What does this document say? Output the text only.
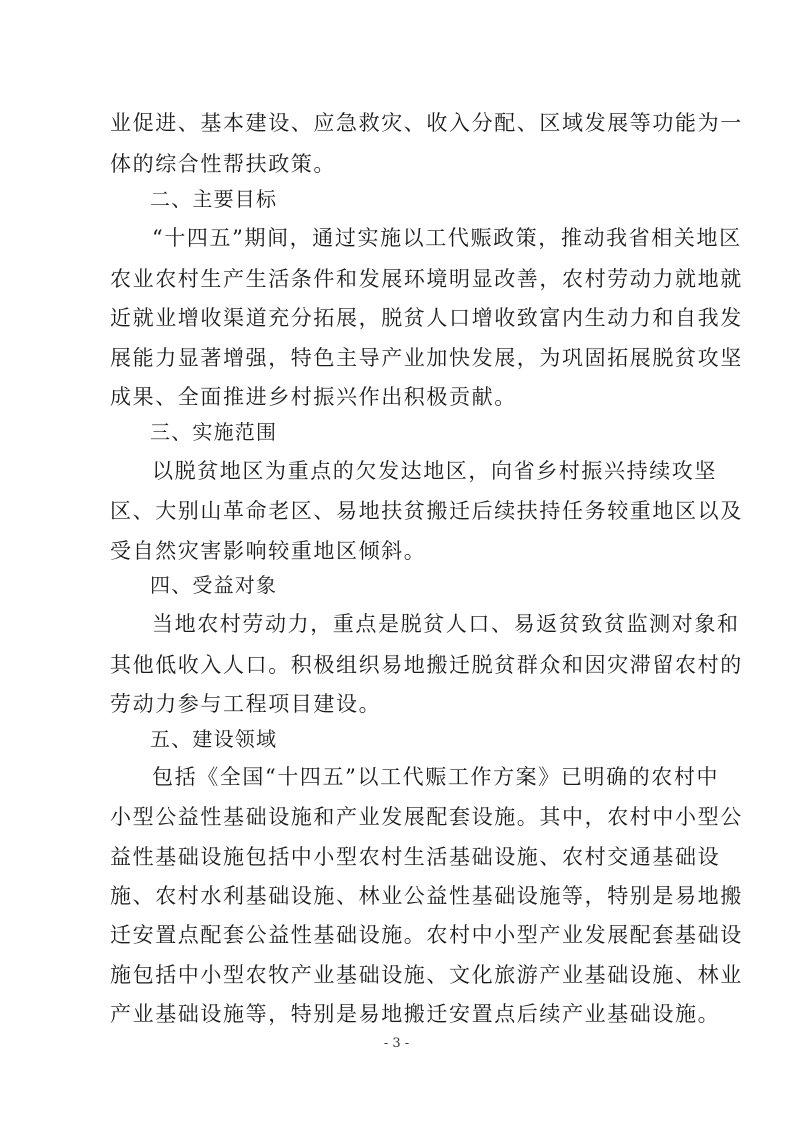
业促进、基本建设、应急救灾、收入分配、区域发展等功能为一
体的综合性帮扶政策。
二、主要目标
“十四五”期间，通过实施以工代赈政策，推动我省相关地区
农业农村生产生活条件和发展环境明显改善，农村劳动力就地就
近就业增收渠道充分拓展，脱贫人口增收致富内生动力和自我发
展能力显著增强，特色主导产业加快发展，为巩固拓展脱贫攻坚
成果、全面推进乡村振兴作出积极贡献。
三、实施范围
以脱贫地区为重点的欠发达地区，向省乡村振兴持续攻坚
区、大别山革命老区、易地扶贫搬迁后续扶持任务较重地区以及
受自然灾害影响较重地区倾斜。
四、受益对象
当地农村劳动力，重点是脱贫人口、易返贫致贫监测对象和
其他低收入人口。积极组织易地搬迁脱贫群众和因灾滞留农村的
劳动力参与工程项目建设。
五、建设领域
包括《全国“十四五”以工代赈工作方案》已明确的农村中
小型公益性基础设施和产业发展配套设施。其中，农村中小型公
益性基础设施包括中小型农村生活基础设施、农村交通基础设
施、农村水利基础设施、林业公益性基础设施等，特别是易地搬
迁安置点配套公益性基础设施。农村中小型产业发展配套基础设
施包括中小型农牧产业基础设施、文化旅游产业基础设施、林业
产业基础设施等，特别是易地搬迁安置点后续产业基础设施。
- 3 -
